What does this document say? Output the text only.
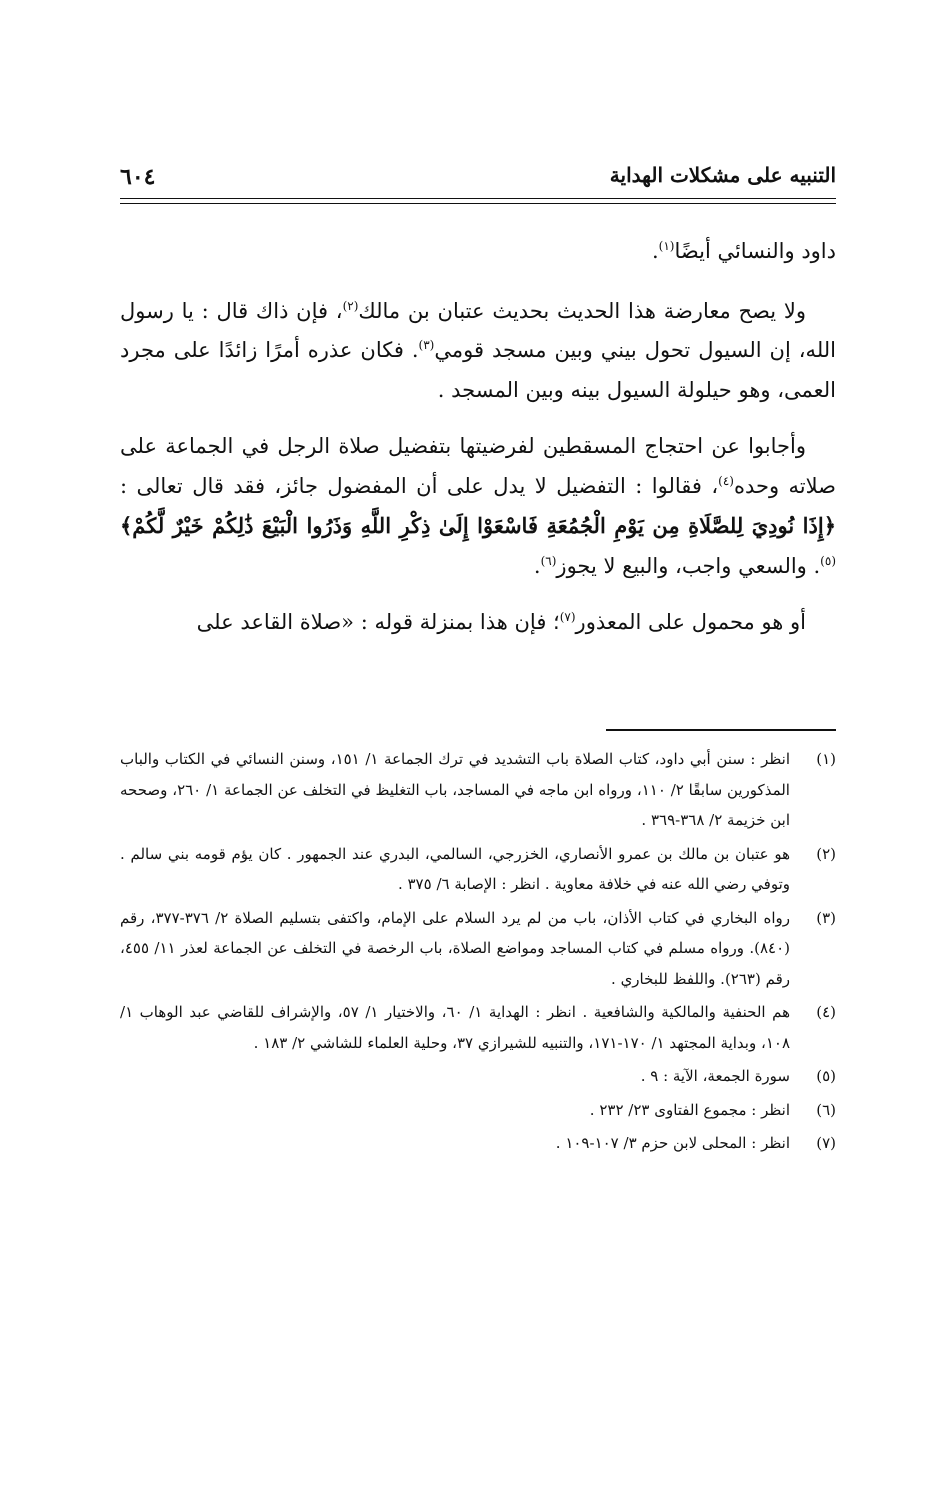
التنبيه على مشكلات الهداية
٦٠٤

داود والنسائي أيضًا$^{(١)}$.

ولا يصح معارضة هذا الحديث بحديث عتبان بن مالك$^{(٢)}$، فإن ذاك قال : يا رسول الله، إن السيول تحول بيني وبين مسجد قومي$^{(٣)}$. فكان عذره أمرًا زائدًا على مجرد العمى، وهو حيلولة السيول بينه وبين المسجد .

وأجابوا عن احتجاج المسقطين لفرضيتها بتفضيل صلاة الرجل في الجماعة على صلاته وحده$^{(٤)}$، فقالوا : التفضيل لا يدل على أن المفضول جائز، فقد قال تعالى : ﴿إِذَا نُودِيَ لِلصَّلَاةِ مِن يَوْمِ الْجُمُعَةِ فَاسْعَوْا إِلَىٰ ذِكْرِ اللَّهِ وَذَرُوا الْبَيْعَ ذَٰلِكُمْ خَيْرٌ لَّكُمْ﴾$^{(٥)}$. والسعي واجب، والبيع لا يجوز$^{(٦)}$.

أو هو محمول على المعذور$^{(٧)}$؛ فإن هذا بمنزلة قوله : «صلاة القاعد على

(١)
انظر : سنن أبي داود، كتاب الصلاة باب التشديد في ترك الجماعة ١/ ١٥١، وسنن النسائي في الكتاب والباب المذكورين سابقًا ٢/ ١١٠، ورواه ابن ماجه في المساجد، باب التغليظ في التخلف عن الجماعة ١/ ٢٦٠، وصححه ابن خزيمة ٢/ ٣٦٨-٣٦٩ .
(٢)
هو عتبان بن مالك بن عمرو الأنصاري، الخزرجي، السالمي، البدري عند الجمهور . كان يؤم قومه بني سالم . وتوفي رضي الله عنه في خلافة معاوية . انظر : الإصابة ٦/ ٣٧٥ .
(٣)
رواه البخاري في كتاب الأذان، باب من لم يرد السلام على الإمام، واكتفى بتسليم الصلاة ٢/ ٣٧٦-٣٧٧، رقم (٨٤٠). ورواه مسلم في كتاب المساجد ومواضع الصلاة، باب الرخصة في التخلف عن الجماعة لعذر ١١/ ٤٥٥، رقم (٢٦٣). واللفظ للبخاري .
(٤)
هم الحنفية والمالكية والشافعية . انظر : الهداية ١/ ٦٠، والاختيار ١/ ٥٧، والإشراف للقاضي عبد الوهاب ١/ ١٠٨، وبداية المجتهد ١/ ١٧٠-١٧١، والتنبيه للشيرازي ٣٧، وحلية العلماء للشاشي ٢/ ١٨٣ .
(٥)
سورة الجمعة، الآية : ٩ .
(٦)
انظر : مجموع الفتاوى ٢٣/ ٢٣٢ .
(٧)
انظر : المحلى لابن حزم ٣/ ١٠٧-١٠٩ .
